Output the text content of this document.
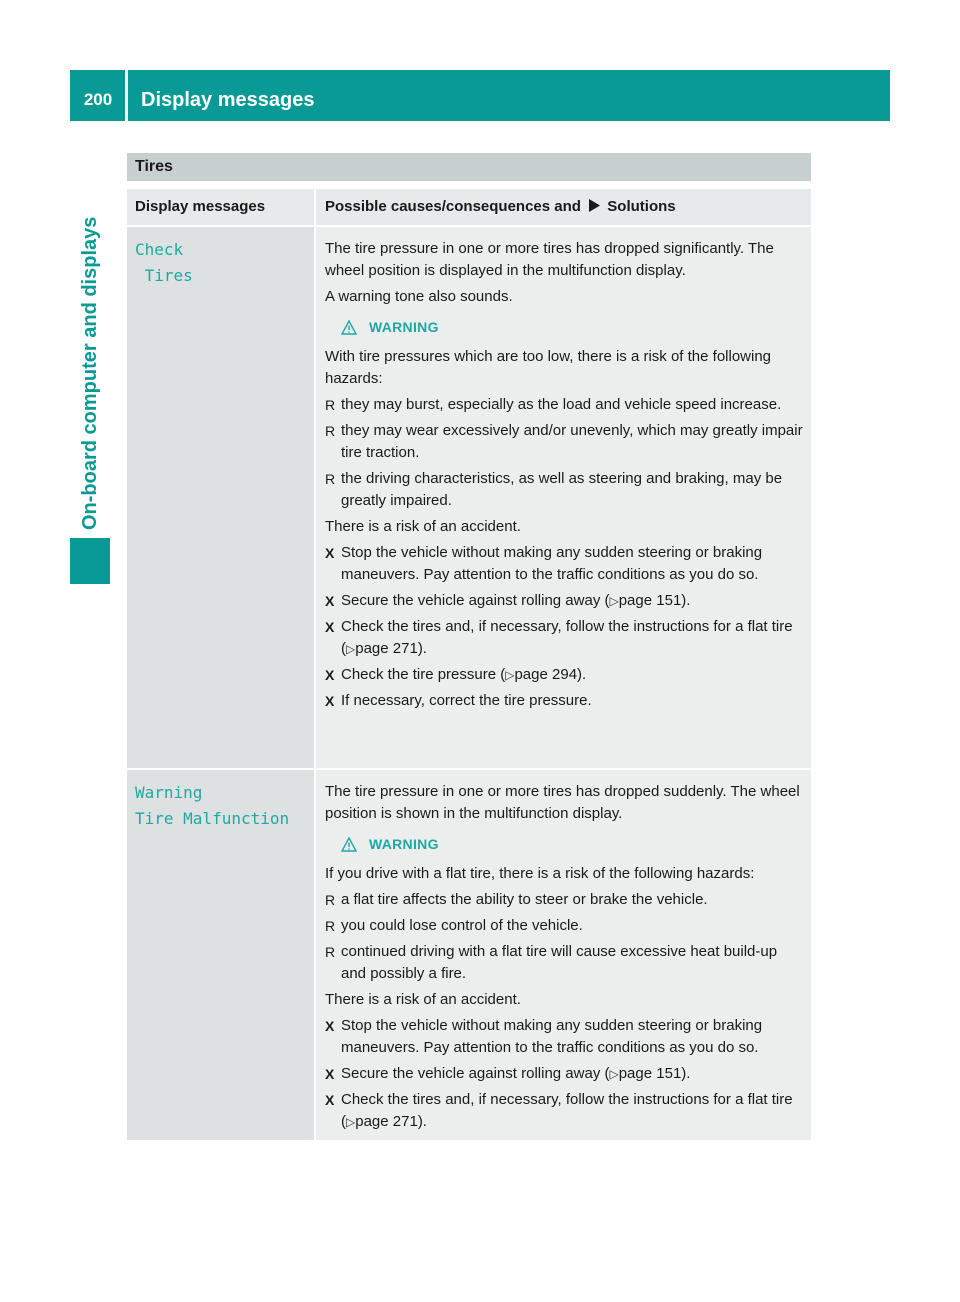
200	Display messages
On-board computer and displays
Tires
Display messages	Possible causes/consequences and Solutions
Check
Tires

The tire pressure in one or more tires has dropped significantly. The wheel position is displayed in the multifunction display.

A warning tone also sounds.

WARNING

With tire pressures which are too low, there is a risk of the following hazards:

R they may burst, especially as the load and vehicle speed increase.
R they may wear excessively and/or unevenly, which may greatly impair tire traction.
R the driving characteristics, as well as steering and braking, may be greatly impaired.

There is a risk of an accident.

X Stop the vehicle without making any sudden steering or braking maneuvers. Pay attention to the traffic conditions as you do so.
X Secure the vehicle against rolling away (▷page 151).
X Check the tires and, if necessary, follow the instructions for a flat tire (▷page 271).
X Check the tire pressure (▷page 294).
X If necessary, correct the tire pressure.
Warning
Tire Malfunction

The tire pressure in one or more tires has dropped suddenly. The wheel position is shown in the multifunction display.

WARNING

If you drive with a flat tire, there is a risk of the following hazards:

R a flat tire affects the ability to steer or brake the vehicle.
R you could lose control of the vehicle.
R continued driving with a flat tire will cause excessive heat build-up and possibly a fire.

There is a risk of an accident.

X Stop the vehicle without making any sudden steering or braking maneuvers. Pay attention to the traffic conditions as you do so.
X Secure the vehicle against rolling away (▷page 151).
X Check the tires and, if necessary, follow the instructions for a flat tire (▷page 271).
